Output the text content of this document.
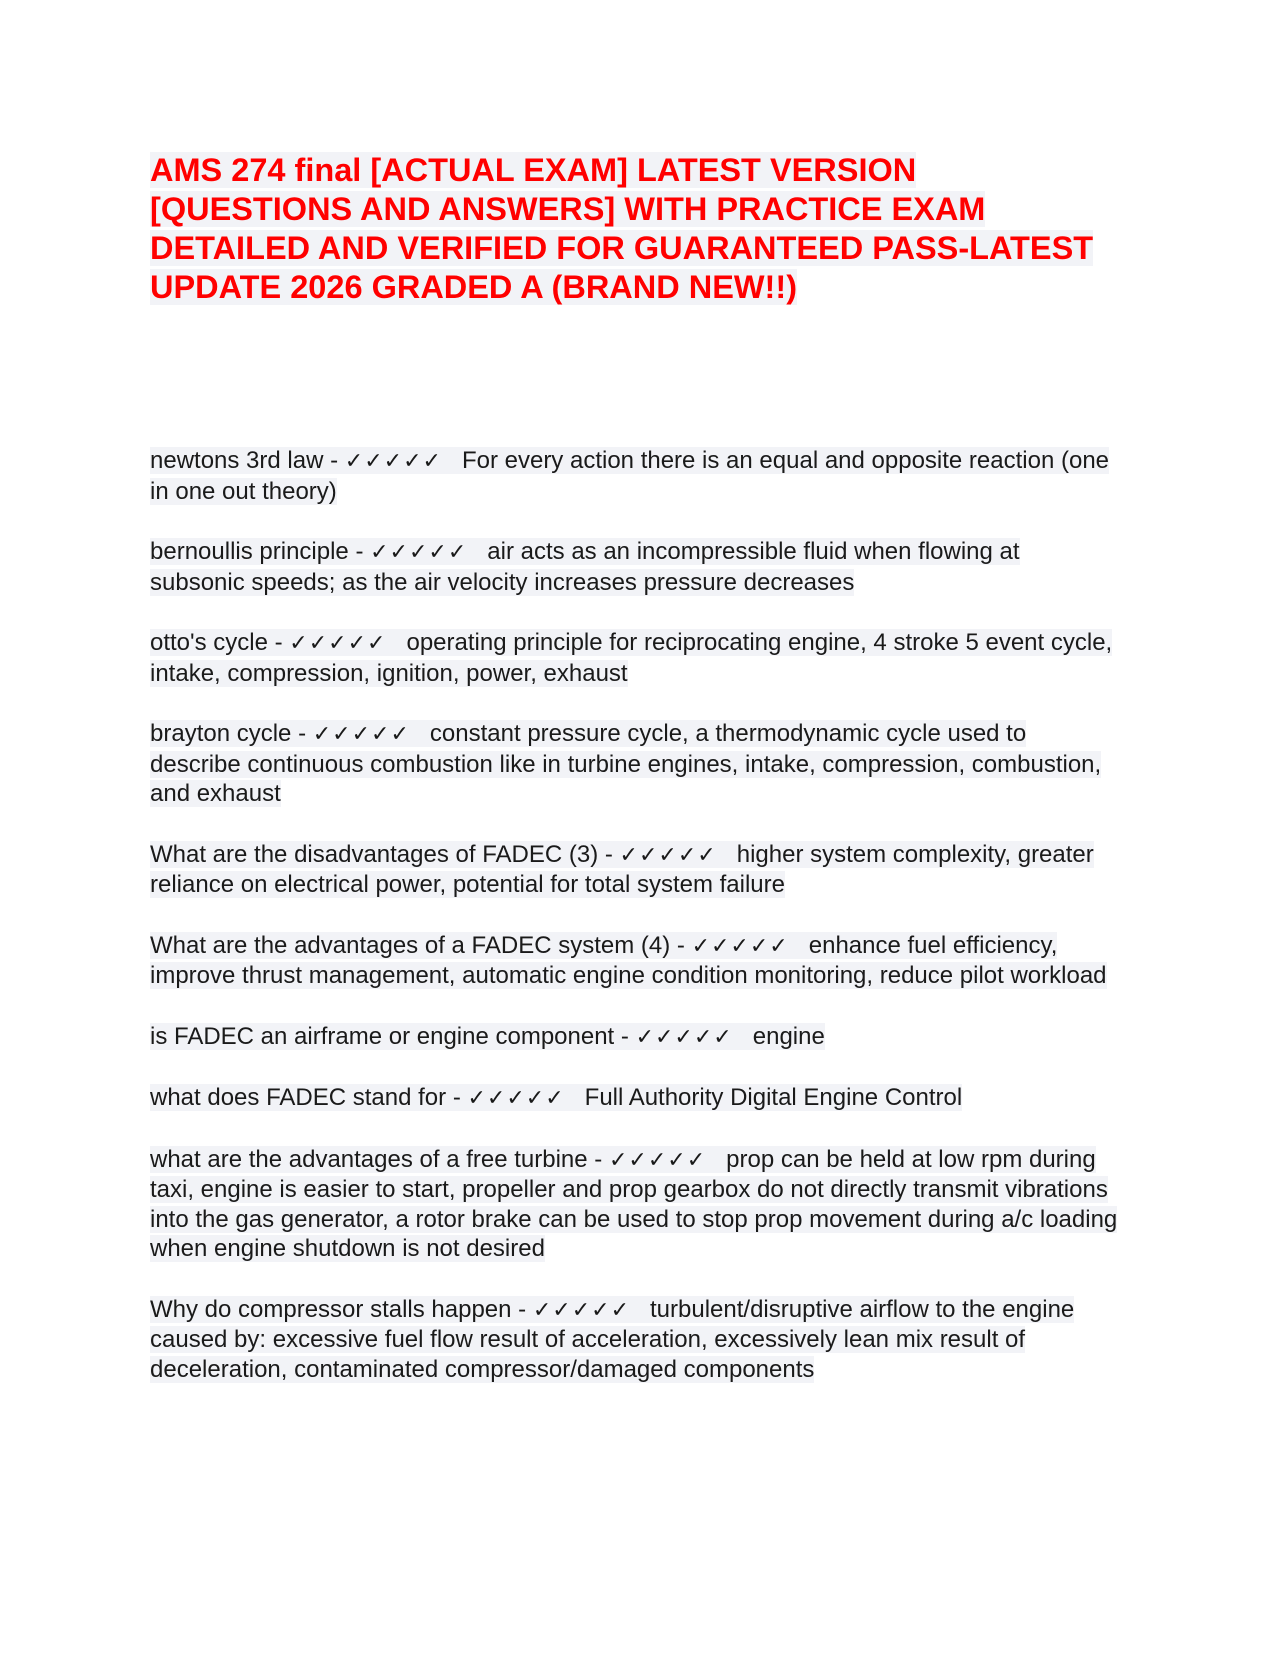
AMS 274 final [ACTUAL EXAM] LATEST VERSION [QUESTIONS AND ANSWERS] WITH PRACTICE EXAM DETAILED AND VERIFIED FOR GUARANTEED PASS-LATEST UPDATE 2026 GRADED A (BRAND NEW!!)
newtons 3rd law - ✓✓✓✓✓ For every action there is an equal and opposite reaction (one in one out theory)
bernoullis principle - ✓✓✓✓✓ air acts as an incompressible fluid when flowing at subsonic speeds; as the air velocity increases pressure decreases
otto's cycle - ✓✓✓✓✓ operating principle for reciprocating engine, 4 stroke 5 event cycle, intake, compression, ignition, power, exhaust
brayton cycle - ✓✓✓✓✓ constant pressure cycle, a thermodynamic cycle used to describe continuous combustion like in turbine engines, intake, compression, combustion, and exhaust
What are the disadvantages of FADEC (3) - ✓✓✓✓✓ higher system complexity, greater reliance on electrical power, potential for total system failure
What are the advantages of a FADEC system (4) - ✓✓✓✓✓ enhance fuel efficiency, improve thrust management, automatic engine condition monitoring, reduce pilot workload
is FADEC an airframe or engine component - ✓✓✓✓✓ engine
what does FADEC stand for - ✓✓✓✓✓ Full Authority Digital Engine Control
what are the advantages of a free turbine - ✓✓✓✓✓ prop can be held at low rpm during taxi, engine is easier to start, propeller and prop gearbox do not directly transmit vibrations into the gas generator, a rotor brake can be used to stop prop movement during a/c loading when engine shutdown is not desired
Why do compressor stalls happen - ✓✓✓✓✓ turbulent/disruptive airflow to the engine caused by: excessive fuel flow result of acceleration, excessively lean mix result of deceleration, contaminated compressor/damaged components
